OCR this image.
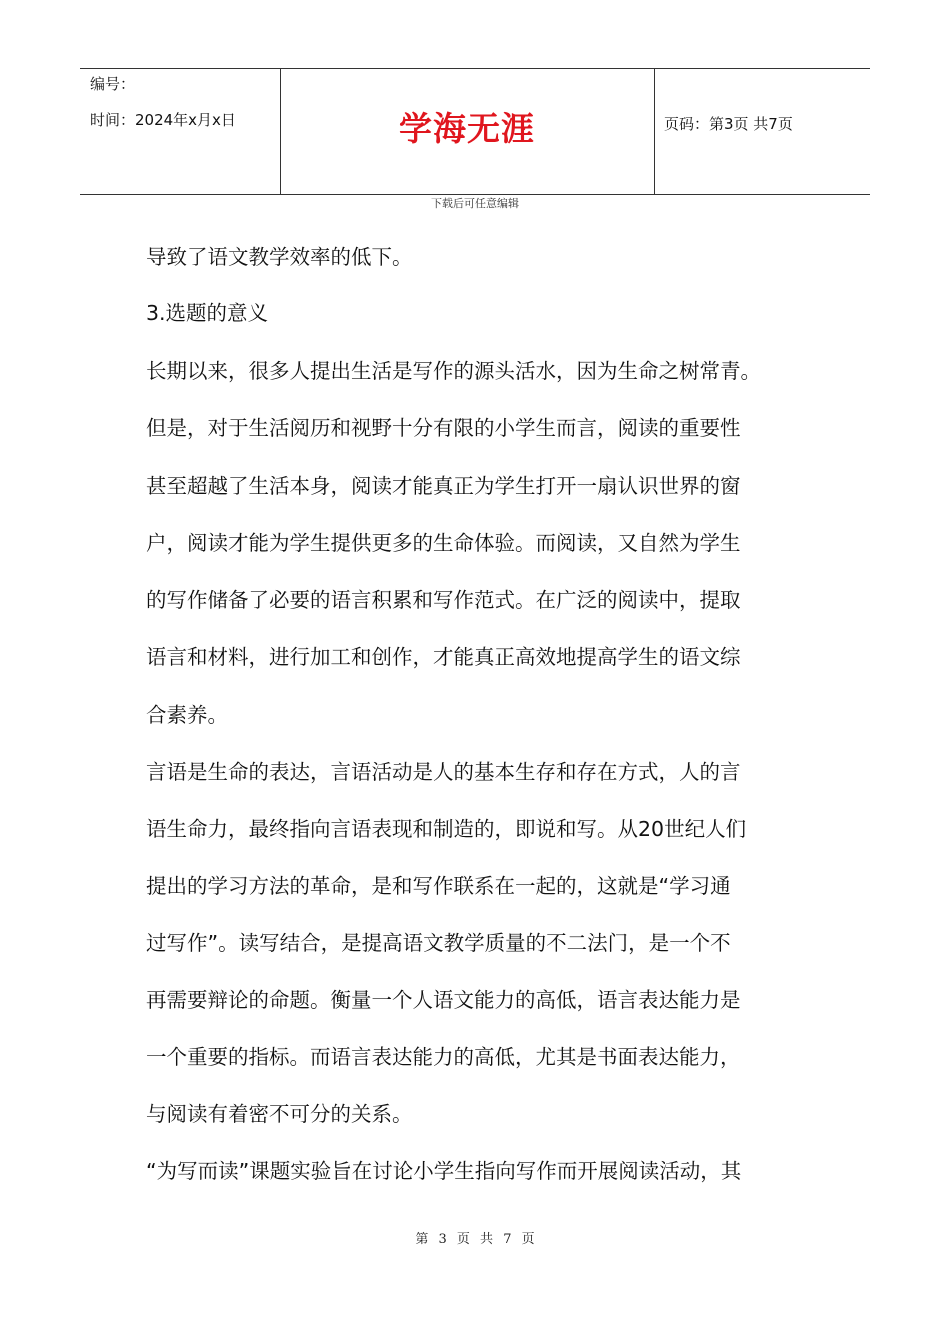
编号：
时间：2024年x月x日	学海无涯	页码：第3页 共7页
下载后可任意编辑
导致了语文教学效率的低下。
3.选题的意义
长期以来，很多人提出生活是写作的源头活水，因为生命之树常青。
但是，对于生活阅历和视野十分有限的小学生而言，阅读的重要性
甚至超越了生活本身，阅读才能真正为学生打开一扇认识世界的窗
户，阅读才能为学生提供更多的生命体验。而阅读，又自然为学生
的写作储备了必要的语言积累和写作范式。在广泛的阅读中，提取
语言和材料，进行加工和创作，才能真正高效地提高学生的语文综
合素养。
言语是生命的表达，言语活动是人的基本生存和存在方式，人的言
语生命力，最终指向言语表现和制造的，即说和写。从20世纪人们
提出的学习方法的革命，是和写作联系在一起的，这就是“学习通
过写作”。读写结合，是提高语文教学质量的不二法门，是一个不
再需要辩论的命题。衡量一个人语文能力的高低，语言表达能力是
一个重要的指标。而语言表达能力的高低，尤其是书面表达能力，
与阅读有着密不可分的关系。
“为写而读”课题实验旨在讨论小学生指向写作而开展阅读活动，其
第 3 页 共 7 页
